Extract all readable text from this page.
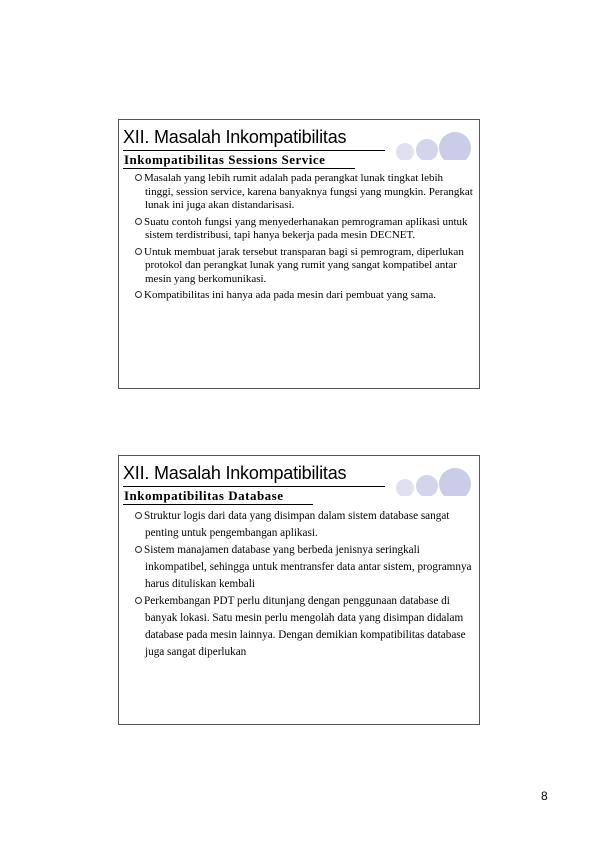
XII. Masalah Inkompatibilitas
Inkompatibilitas Sessions Service
Masalah yang lebih rumit adalah pada perangkat lunak tingkat lebih tinggi, session service, karena banyaknya fungsi yang mungkin. Perangkat lunak ini juga akan distandarisasi.
Suatu contoh fungsi yang menyederhanakan pemrograman aplikasi untuk sistem terdistribusi, tapi hanya bekerja pada mesin DECNET.
Untuk membuat jarak tersebut transparan bagi si pemrogram, diperlukan protokol dan perangkat lunak yang rumit yang sangat kompatibel antar mesin yang berkomunikasi.
Kompatibilitas ini hanya ada pada mesin dari pembuat yang sama.
XII. Masalah Inkompatibilitas
Inkompatibilitas Database
Struktur logis dari data yang disimpan dalam sistem database sangat penting untuk pengembangan aplikasi.
Sistem manajamen database yang berbeda jenisnya seringkali inkompatibel, sehingga untuk mentransfer data antar sistem, programnya harus dituliskan kembali
Perkembangan PDT perlu ditunjang dengan penggunaan database di banyak lokasi. Satu mesin perlu mengolah data yang disimpan didalam database pada mesin lainnya. Dengan demikian kompatibilitas database juga sangat diperlukan
8
